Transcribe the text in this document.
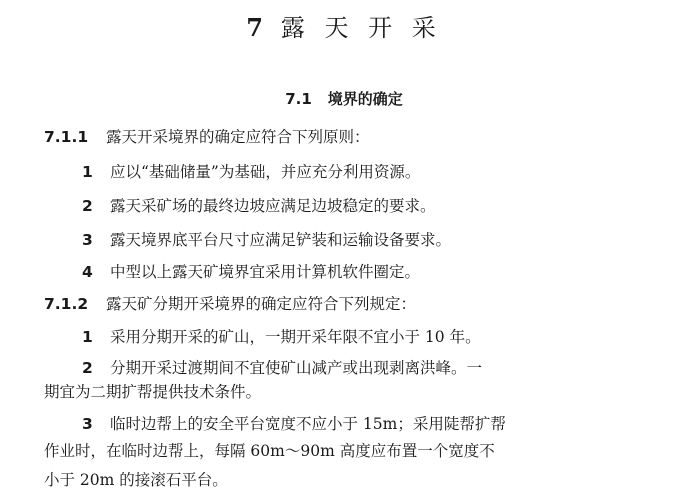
7 露 天 开 采
7.1 境界的确定
7.1.1 露天开采境界的确定应符合下列原则：
1 应以“基础储量”为基础，并应充分利用资源。
2 露天采矿场的最终边坡应满足边坡稳定的要求。
3 露天境界底平台尺寸应满足铲装和运输设备要求。
4 中型以上露天矿境界宜采用计算机软件圈定。
7.1.2 露天矿分期开采境界的确定应符合下列规定：
1 采用分期开采的矿山，一期开采年限不宜小于 10 年。
2 分期开采过渡期间不宜使矿山减产或出现剥离洪峰。一
期宜为二期扩帮提供技术条件。
3 临时边帮上的安全平台宽度不应小于 15m；采用陡帮扩帮
作业时，在临时边帮上，每隔 60m～90m 高度应布置一个宽度不
小于 20m 的接滚石平台。
